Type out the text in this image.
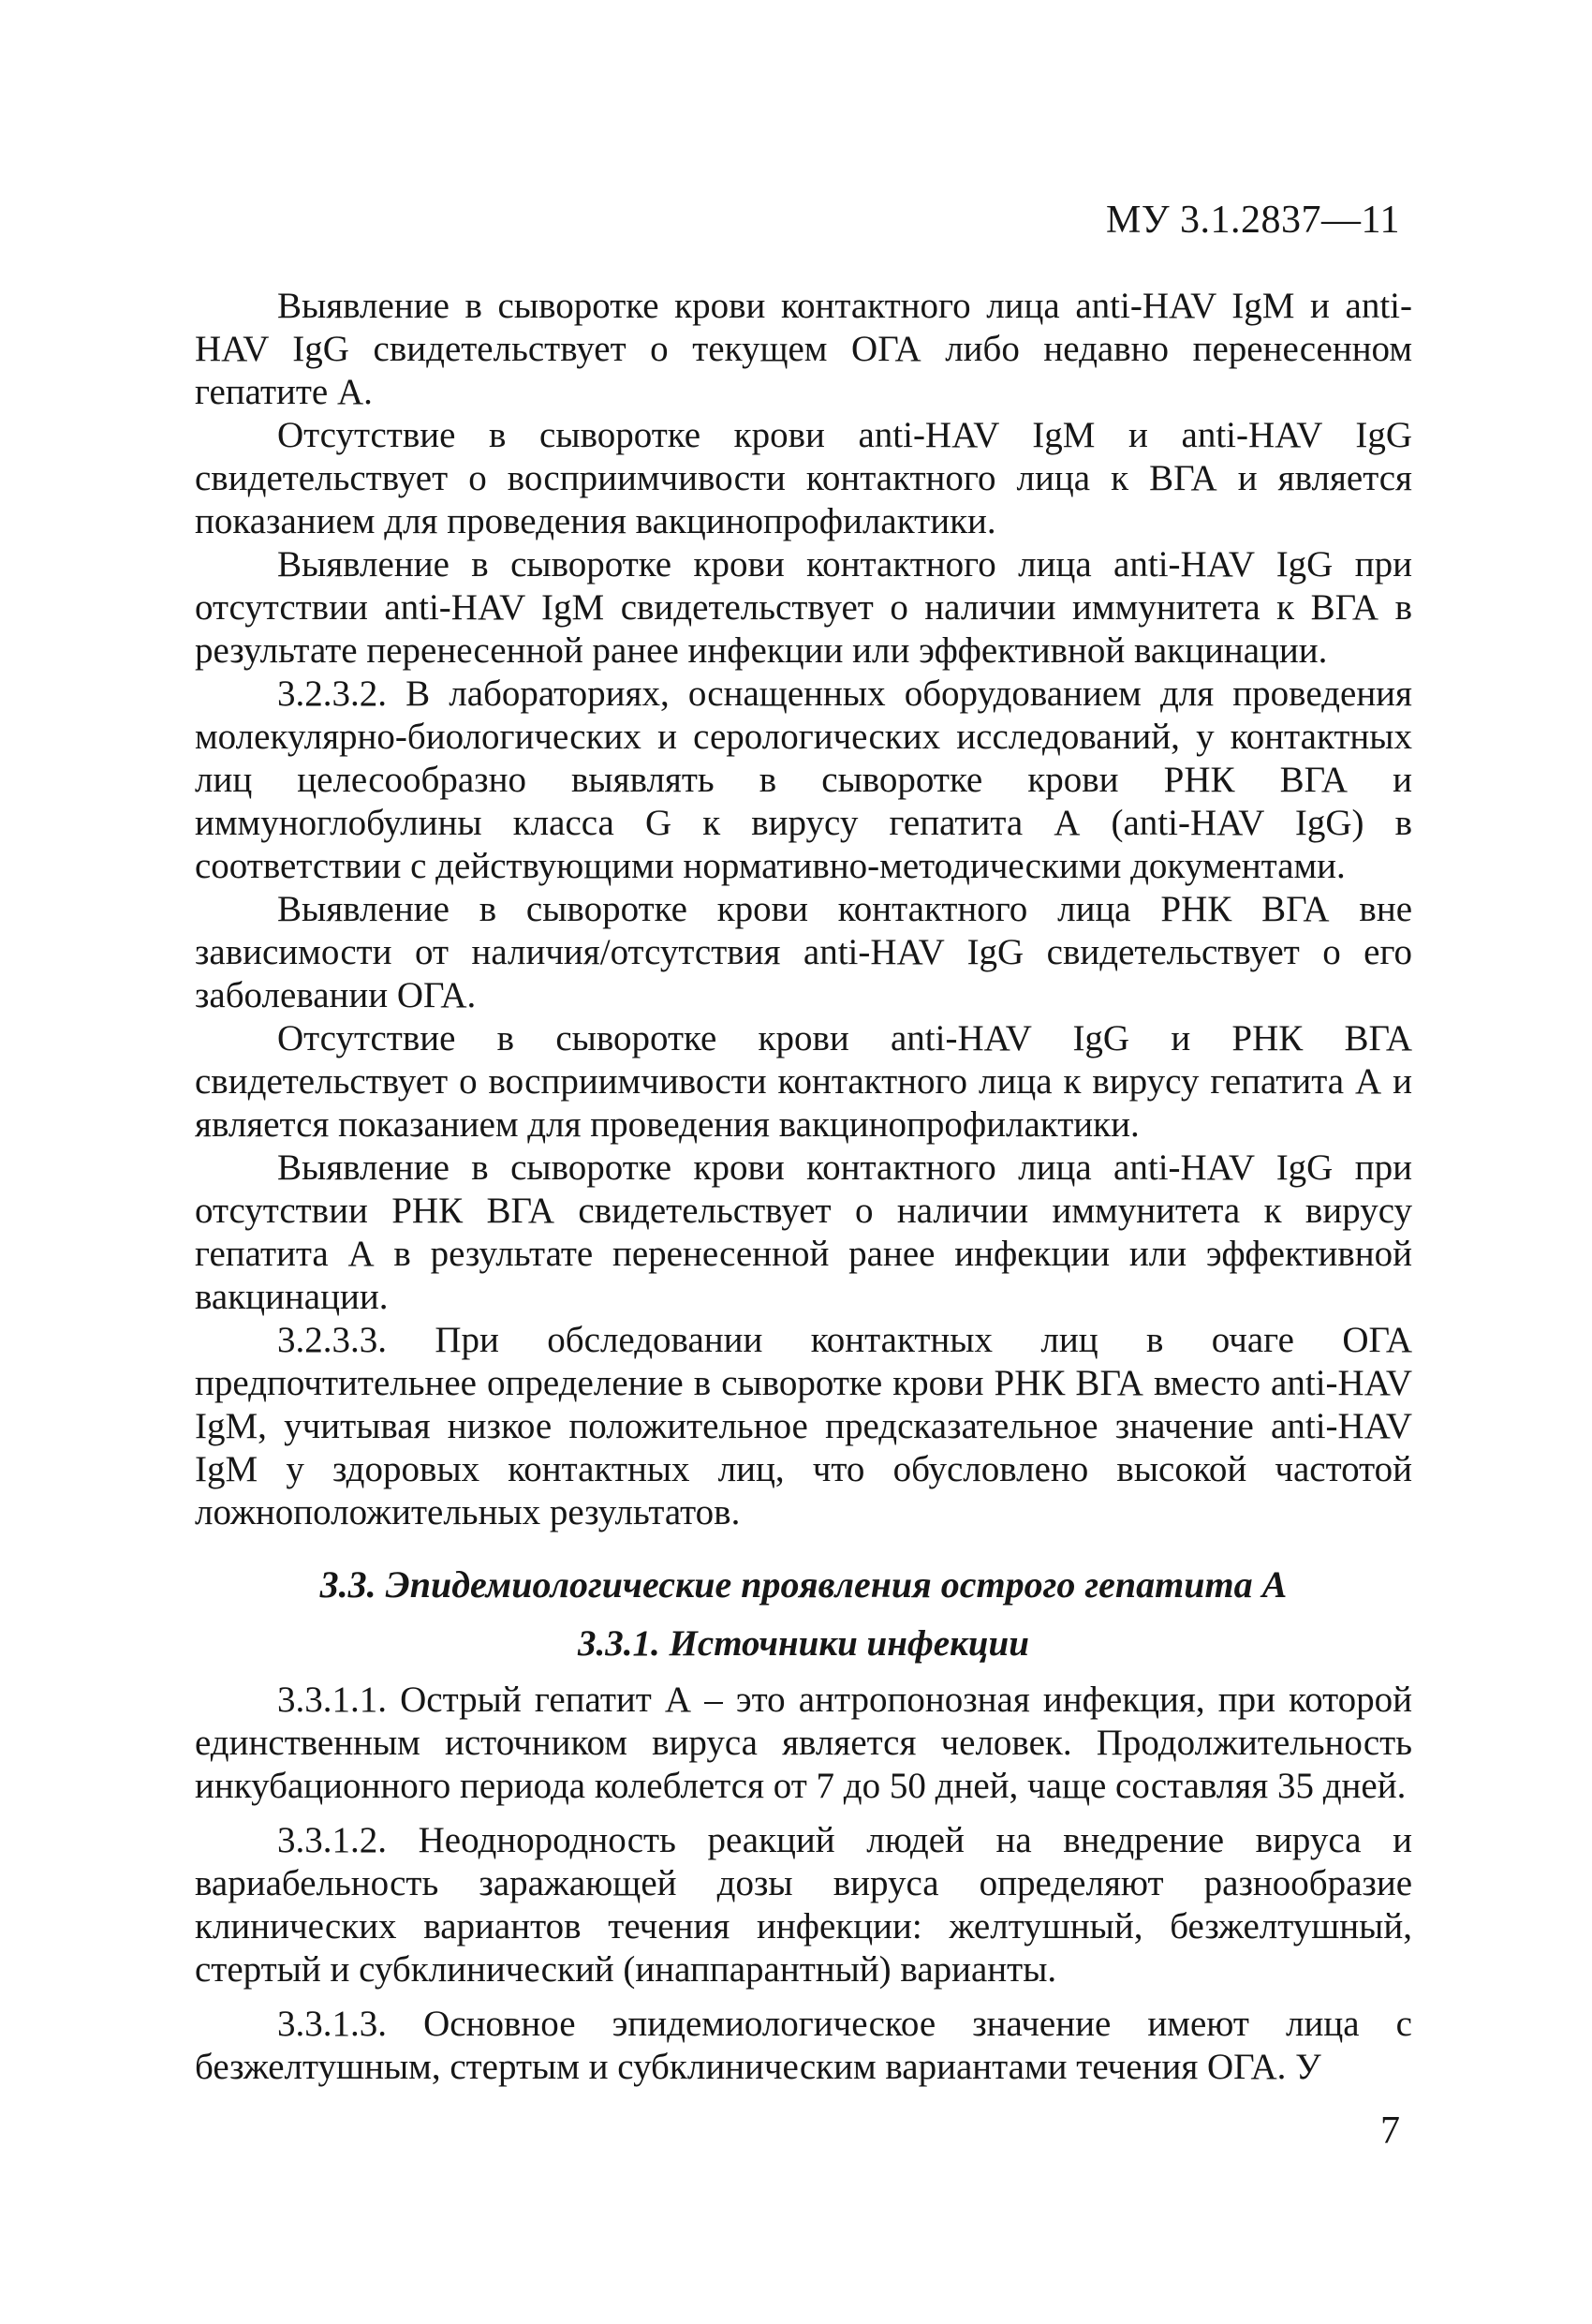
МУ 3.1.2837—11

Выявление в сыворотке крови контактного лица anti-HAV IgM и anti-HAV IgG свидетельствует о текущем ОГА либо недавно перенесенном гепатите А.

Отсутствие в сыворотке крови anti-HAV IgM и anti-HAV IgG свидетельствует о восприимчивости контактного лица к ВГА и является показанием для проведения вакцинопрофилактики.

Выявление в сыворотке крови контактного лица anti-HAV IgG при отсутствии anti-HAV IgM свидетельствует о наличии иммунитета к ВГА в результате перенесенной ранее инфекции или эффективной вакцинации.

3.2.3.2. В лабораториях, оснащенных оборудованием для проведения молекулярно-биологических и серологических исследований, у контактных лиц целесообразно выявлять в сыворотке крови РНК ВГА и иммуноглобулины класса G к вирусу гепатита А (anti-HAV IgG) в соответствии с действующими нормативно-методическими документами.

Выявление в сыворотке крови контактного лица РНК ВГА вне зависимости от наличия/отсутствия anti-HAV IgG свидетельствует о его заболевании ОГА.

Отсутствие в сыворотке крови anti-HAV IgG и РНК ВГА свидетельствует о восприимчивости контактного лица к вирусу гепатита А и является показанием для проведения вакцинопрофилактики.

Выявление в сыворотке крови контактного лица anti-HAV IgG при отсутствии РНК ВГА свидетельствует о наличии иммунитета к вирусу гепатита А в результате перенесенной ранее инфекции или эффективной вакцинации.

3.2.3.3. При обследовании контактных лиц в очаге ОГА предпочтительнее определение в сыворотке крови РНК ВГА вместо anti-HAV IgM, учитывая низкое положительное предсказательное значение anti-HAV IgM у здоровых контактных лиц, что обусловлено высокой частотой ложноположительных результатов.

3.3. Эпидемиологические проявления острого гепатита А
3.3.1. Источники инфекции

3.3.1.1. Острый гепатит А – это антропонозная инфекция, при которой единственным источником вируса является человек. Продолжительность инкубационного периода колеблется от 7 до 50 дней, чаще составляя 35 дней.

3.3.1.2. Неоднородность реакций людей на внедрение вируса и вариабельность заражающей дозы вируса определяют разнообразие клинических вариантов течения инфекции: желтушный, безжелтушный, стертый и субклинический (инаппарантный) варианты.

3.3.1.3. Основное эпидемиологическое значение имеют лица с безжелтушным, стертым и субклиническим вариантами течения ОГА. У

7
